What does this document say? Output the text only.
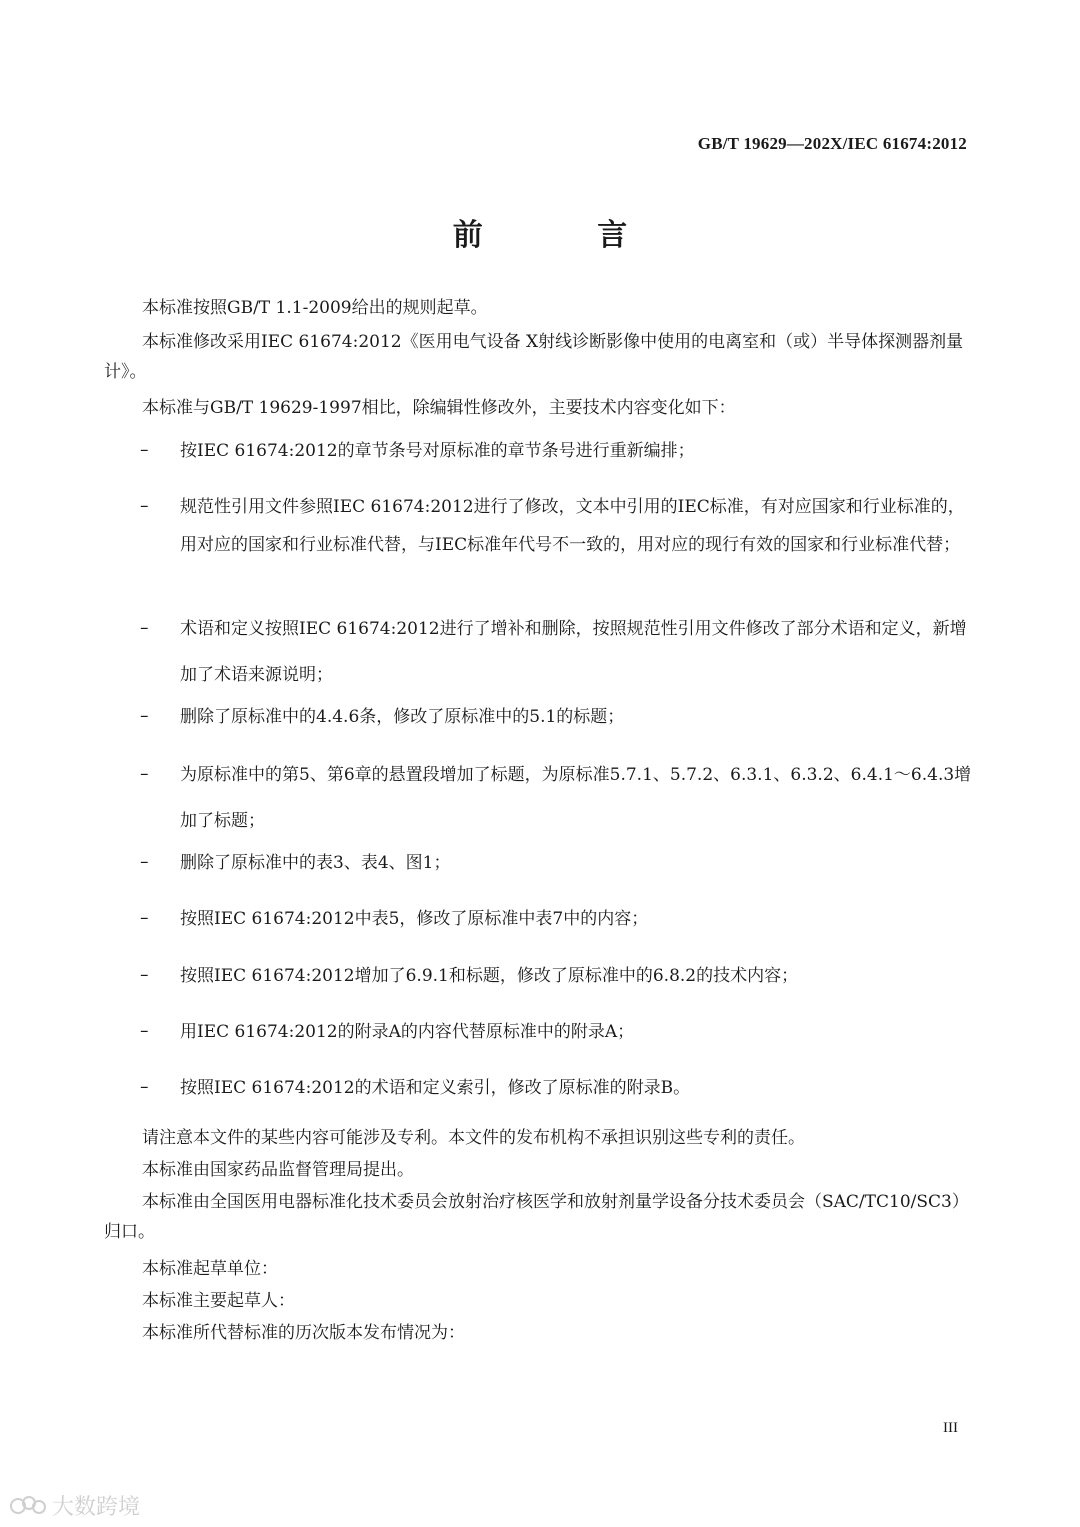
GB/T 19629—202X/IEC 61674:2012
前 言

本标准按照GB/T 1.1-2009给出的规则起草。

本标准修改采用IEC 61674:2012《医用电气设备 X射线诊断影像中使用的电离室和（或）半导体探测器剂量计》。

本标准与GB/T 19629-1997相比，除编辑性修改外，主要技术内容变化如下：

–	按IEC 61674:2012的章节条号对原标准的章节条号进行重新编排；
–	规范性引用文件参照IEC 61674:2012进行了修改，文本中引用的IEC标准，有对应国家和行业标准的，用对应的国家和行业标准代替，与IEC标准年代号不一致的，用对应的现行有效的国家和行业标准代替；
–	术语和定义按照IEC 61674:2012进行了增补和删除，按照规范性引用文件修改了部分术语和定义，新增加了术语来源说明；
–	删除了原标准中的4.4.6条，修改了原标准中的5.1的标题；
–	为原标准中的第5、第6章的悬置段增加了标题，为原标准5.7.1、5.7.2、6.3.1、6.3.2、6.4.1～6.4.3增加了标题；
–	删除了原标准中的表3、表4、图1；
–	按照IEC 61674:2012中表5，修改了原标准中表7中的内容；
–	按照IEC 61674:2012增加了6.9.1和标题，修改了原标准中的6.8.2的技术内容；
–	用IEC 61674:2012的附录A的内容代替原标准中的附录A；
–	按照IEC 61674:2012的术语和定义索引，修改了原标准的附录B。

请注意本文件的某些内容可能涉及专利。本文件的发布机构不承担识别这些专利的责任。

本标准由国家药品监督管理局提出。

本标准由全国医用电器标准化技术委员会放射治疗核医学和放射剂量学设备分技术委员会（SAC/TC10/SC3）归口。

本标准起草单位：

本标准主要起草人：

本标准所代替标准的历次版本发布情况为：

III
大数跨境
